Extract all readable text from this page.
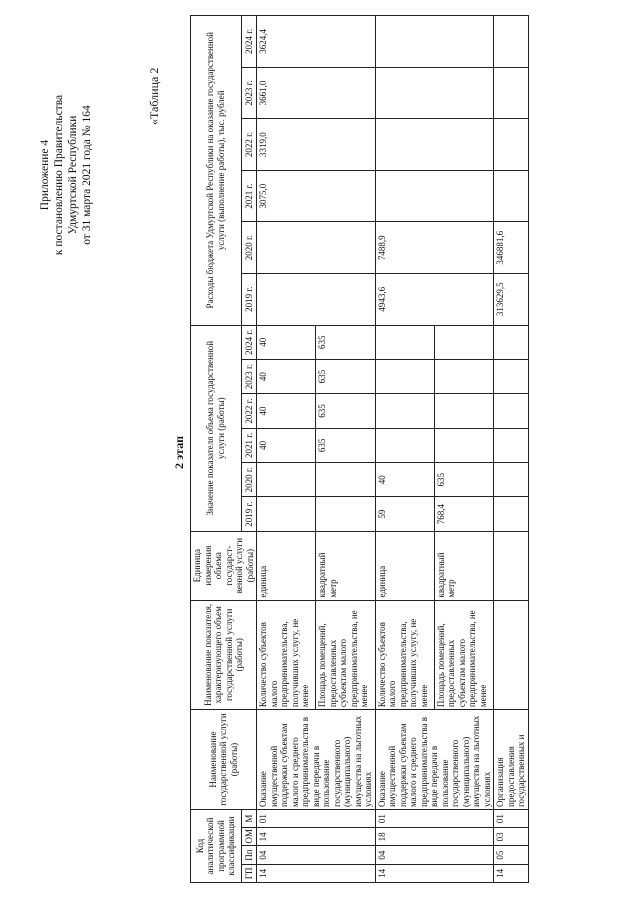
Приложение 4 к постановлению Правительства Удмуртской Республики от 31 марта 2021 года № 164
«Таблица 2
2 этап
Код аналитической программной классификации				Наименование государственной услуги (работы)	Наименование показателя, характеризующего объем государственной услуги (работы)	Единица измерения объема государст-венной услуги (работы)	Значение показателя объема государственной услуги (работы)						Расходы бюджета Удмуртской Республики на оказание государственной услуги (выполнение работы), тыс. рублей					
ГП	Пп	ОМ	М				2019 г.	2020 г.	2021 г.	2022 г.	2023 г.	2024 г.	2019 г.	2020 г.	2021 г.	2022 г.	2023 г.	2024 г.
14	04	14	01	Оказание имущественной поддержки субъектам малого и среднего предпринимательства в виде передачи в пользование государственного (муниципального) имущества на льготных условиях	Количество субъектов малого предпринимательства, получивших услугу, не менее	единица			40	40	40	40			3075,0	3319,0	3661,0	3624,4
					Площадь помещений, предоставленных субъектам малого предпринимательства, не менее	квадратный метр			635	635	635	635						
14	04	18	01	Оказание имущественной поддержки субъектам малого и среднего предпринимательства в виде передачи в пользование государственного (муниципального) имущества на льготных условиях	Количество субъектов малого предпринимательства, получивших услугу, не менее	единица	59	40					4943,6	7488,9				
					Площадь помещений, предоставленных субъектам малого предпринимательства, не менее	квадратный метр	768,4	635										
14	05	03	01	Организация предоставления государственных и									313629,5	346881,6				
